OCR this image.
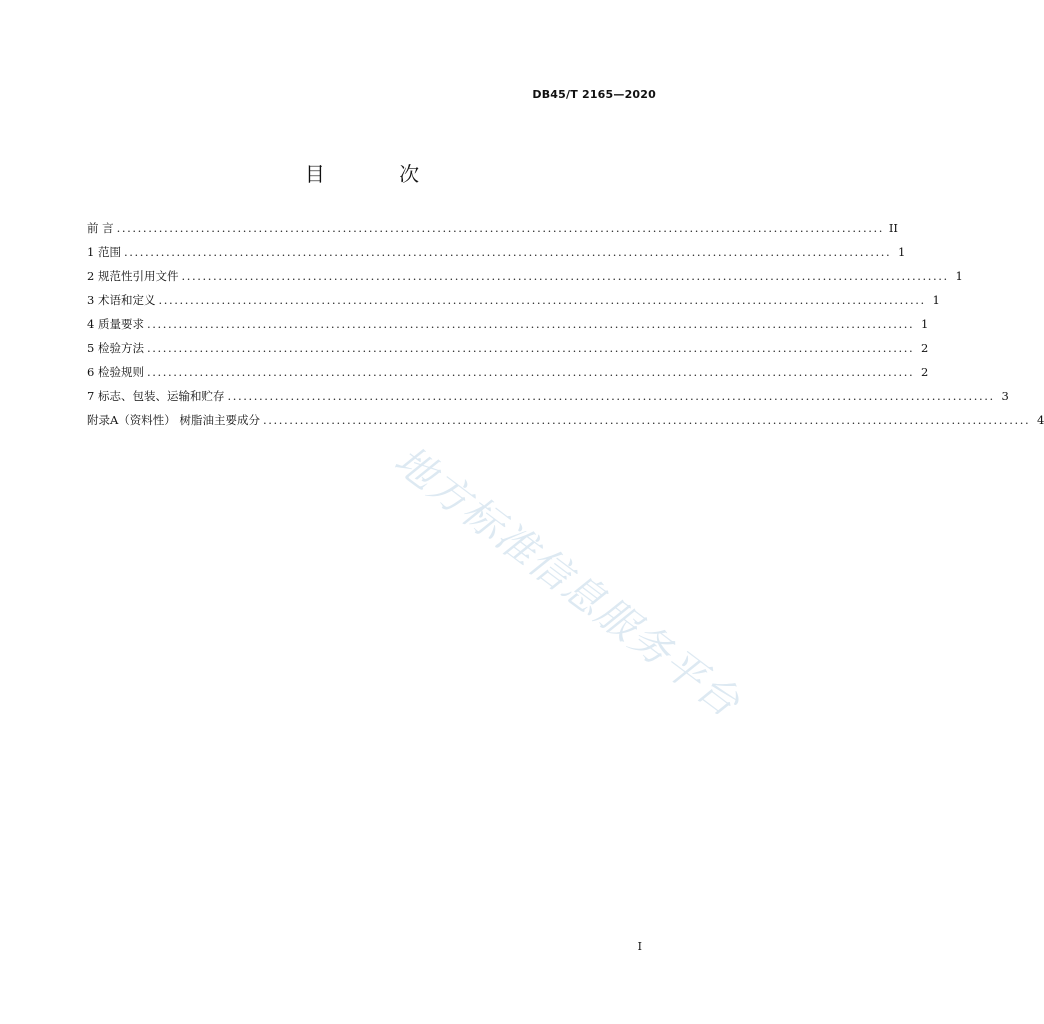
DB45/T 2165—2020
目 次
前 言 .................................................................................................................................................. II
1 范围 .................................................................................................................................................. 1
2 规范性引用文件 .................................................................................................................................................. 1
3 术语和定义 .................................................................................................................................................. 1
4 质量要求 .................................................................................................................................................. 1
5 检验方法 .................................................................................................................................................. 2
6 检验规则 .................................................................................................................................................. 2
7 标志、包装、运输和贮存 .................................................................................................................................................. 3
附录A（资料性） 树脂油主要成分 .................................................................................................................................................. 4
地方标准信息服务平台
I
